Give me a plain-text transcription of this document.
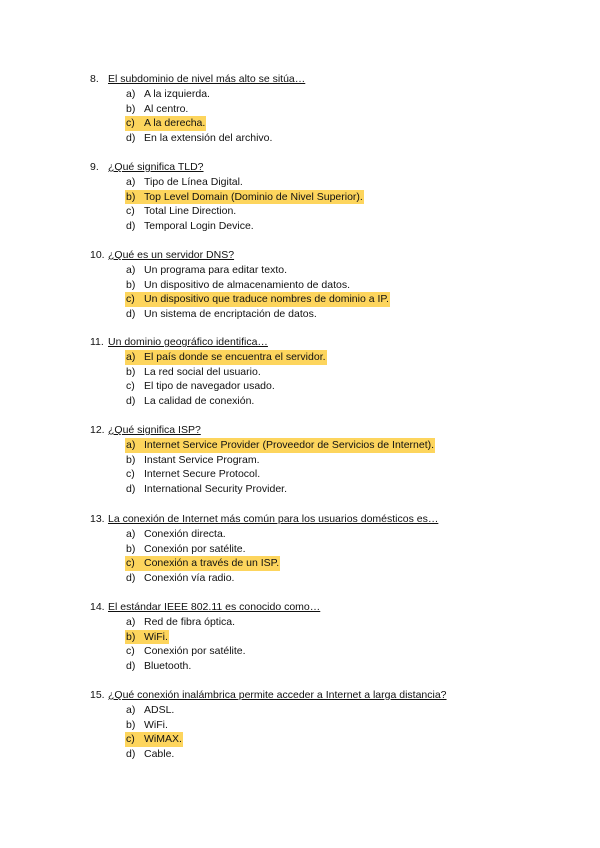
8. El subdominio de nivel más alto se sitúa…
a) A la izquierda.
b) Al centro.
c) A la derecha.
d) En la extensión del archivo.
9. ¿Qué significa TLD?
a) Tipo de Línea Digital.
b) Top Level Domain (Dominio de Nivel Superior).
c) Total Line Direction.
d) Temporal Login Device.
10. ¿Qué es un servidor DNS?
a) Un programa para editar texto.
b) Un dispositivo de almacenamiento de datos.
c) Un dispositivo que traduce nombres de dominio a IP.
d) Un sistema de encriptación de datos.
11. Un dominio geográfico identifica…
a) El país donde se encuentra el servidor.
b) La red social del usuario.
c) El tipo de navegador usado.
d) La calidad de conexión.
12. ¿Qué significa ISP?
a) Internet Service Provider (Proveedor de Servicios de Internet).
b) Instant Service Program.
c) Internet Secure Protocol.
d) International Security Provider.
13. La conexión de Internet más común para los usuarios domésticos es…
a) Conexión directa.
b) Conexión por satélite.
c) Conexión a través de un ISP.
d) Conexión vía radio.
14. El estándar IEEE 802.11 es conocido como…
a) Red de fibra óptica.
b) WiFi.
c) Conexión por satélite.
d) Bluetooth.
15. ¿Qué conexión inalámbrica permite acceder a Internet a larga distancia?
a) ADSL.
b) WiFi.
c) WiMAX.
d) Cable.
